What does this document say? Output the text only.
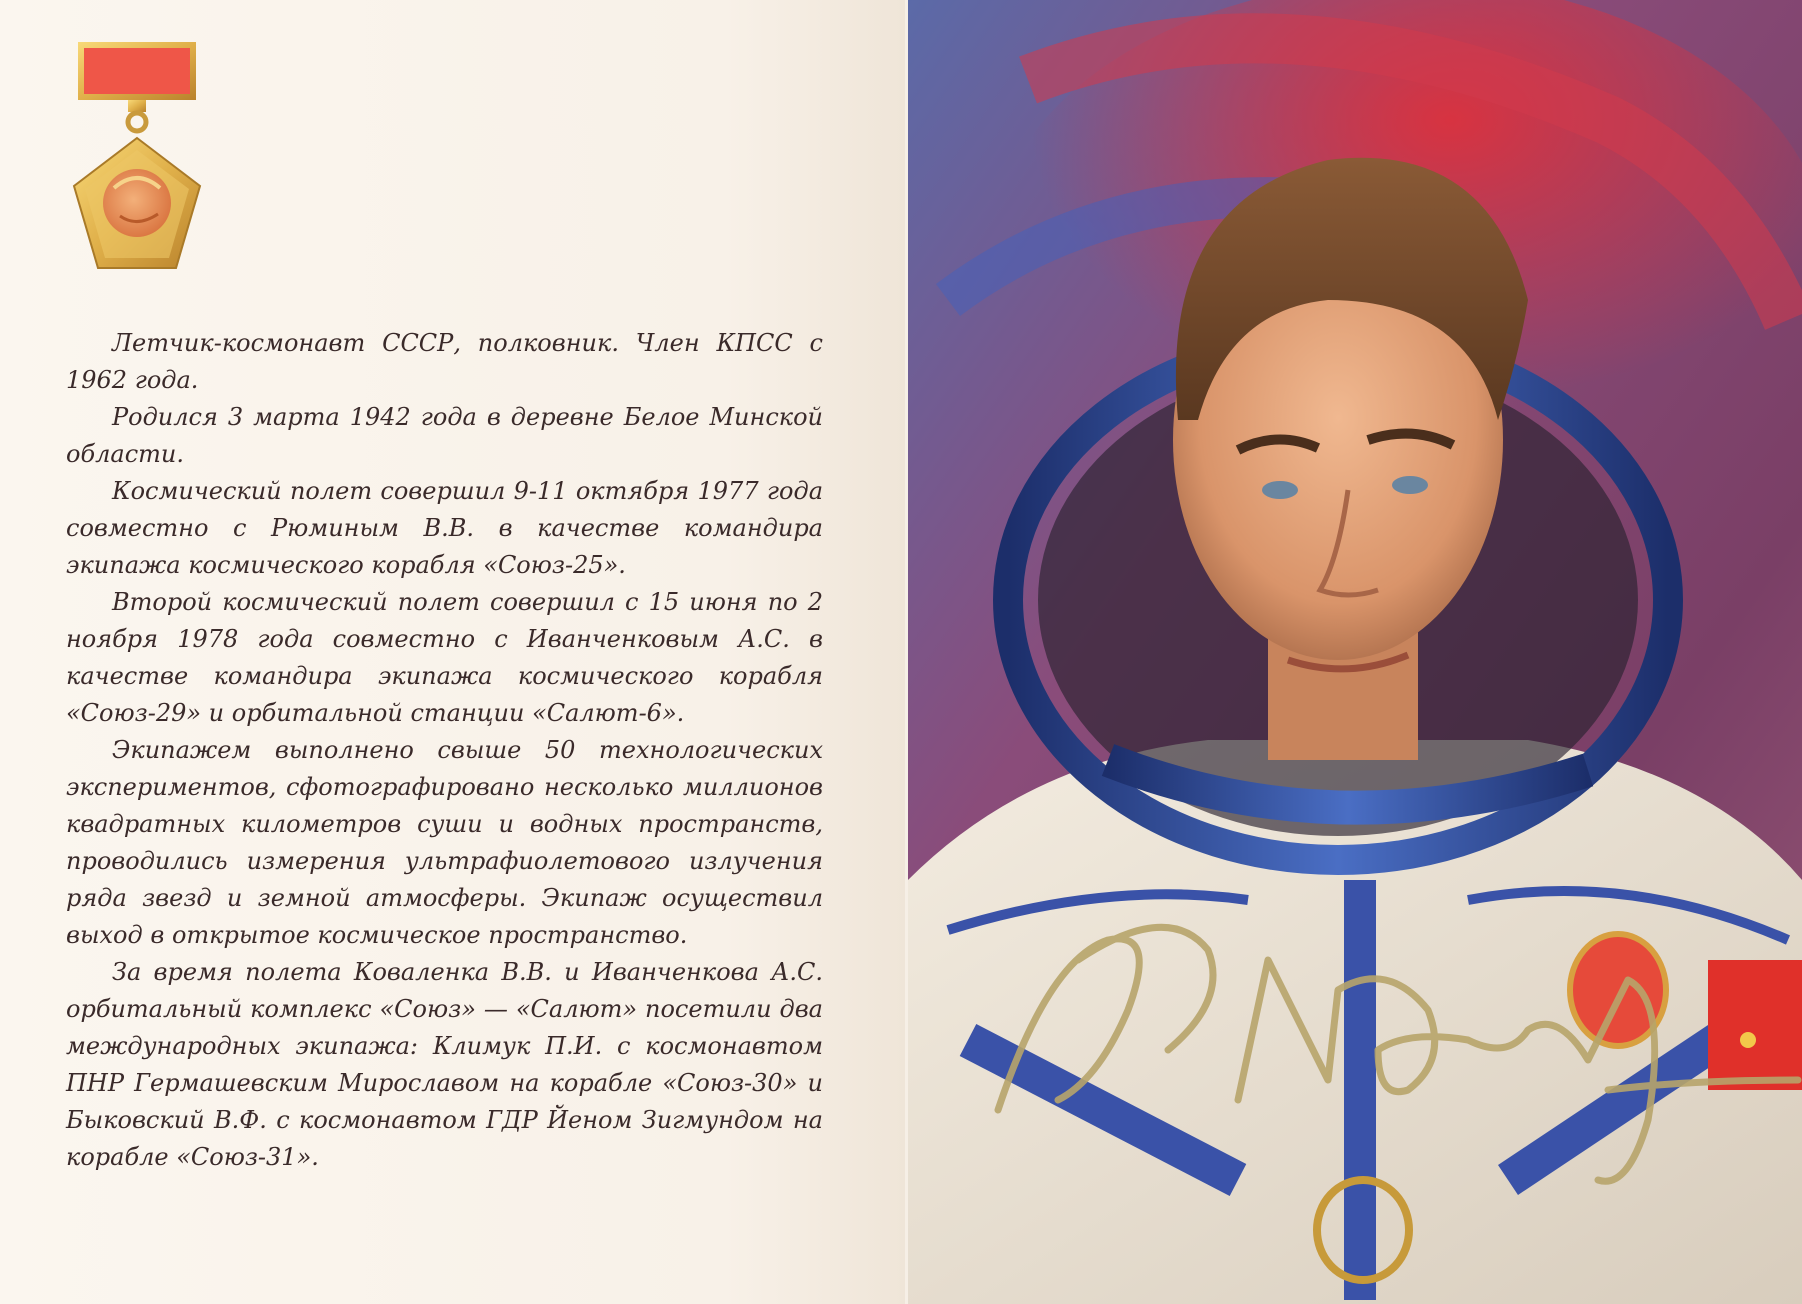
Летчик-космонавт СССР, полковник. Член КПСС с 1962 года.

Родился 3 марта 1942 года в деревне Белое Минской области.

Космический полет совершил 9-11 октября 1977 года совместно с Рюминым В.В. в качестве командира экипажа космического корабля «Союз-25».

Второй космический полет совершил с 15 июня по 2 ноября 1978 года совместно с Иванченковым А.С. в качестве командира экипажа космического корабля «Союз-29» и орбитальной станции «Салют-6».

Экипажем выполнено свыше 50 технологических экспериментов, сфотографировано несколько миллионов квадратных километров суши и водных пространств, проводились измерения ультрафиолетового излучения ряда звезд и земной атмосферы. Экипаж осуществил выход в открытое космическое пространство.

За время полета Коваленка В.В. и Иванченкова А.С. орбитальный комплекс «Союз» — «Салют» посетили два международных экипажа: Климук П.И. с космонавтом ПНР Гермашевским Мирославом на корабле «Союз-30» и Быковский В.Ф. с космонавтом ГДР Йеном Зигмундом на корабле «Союз-31».
